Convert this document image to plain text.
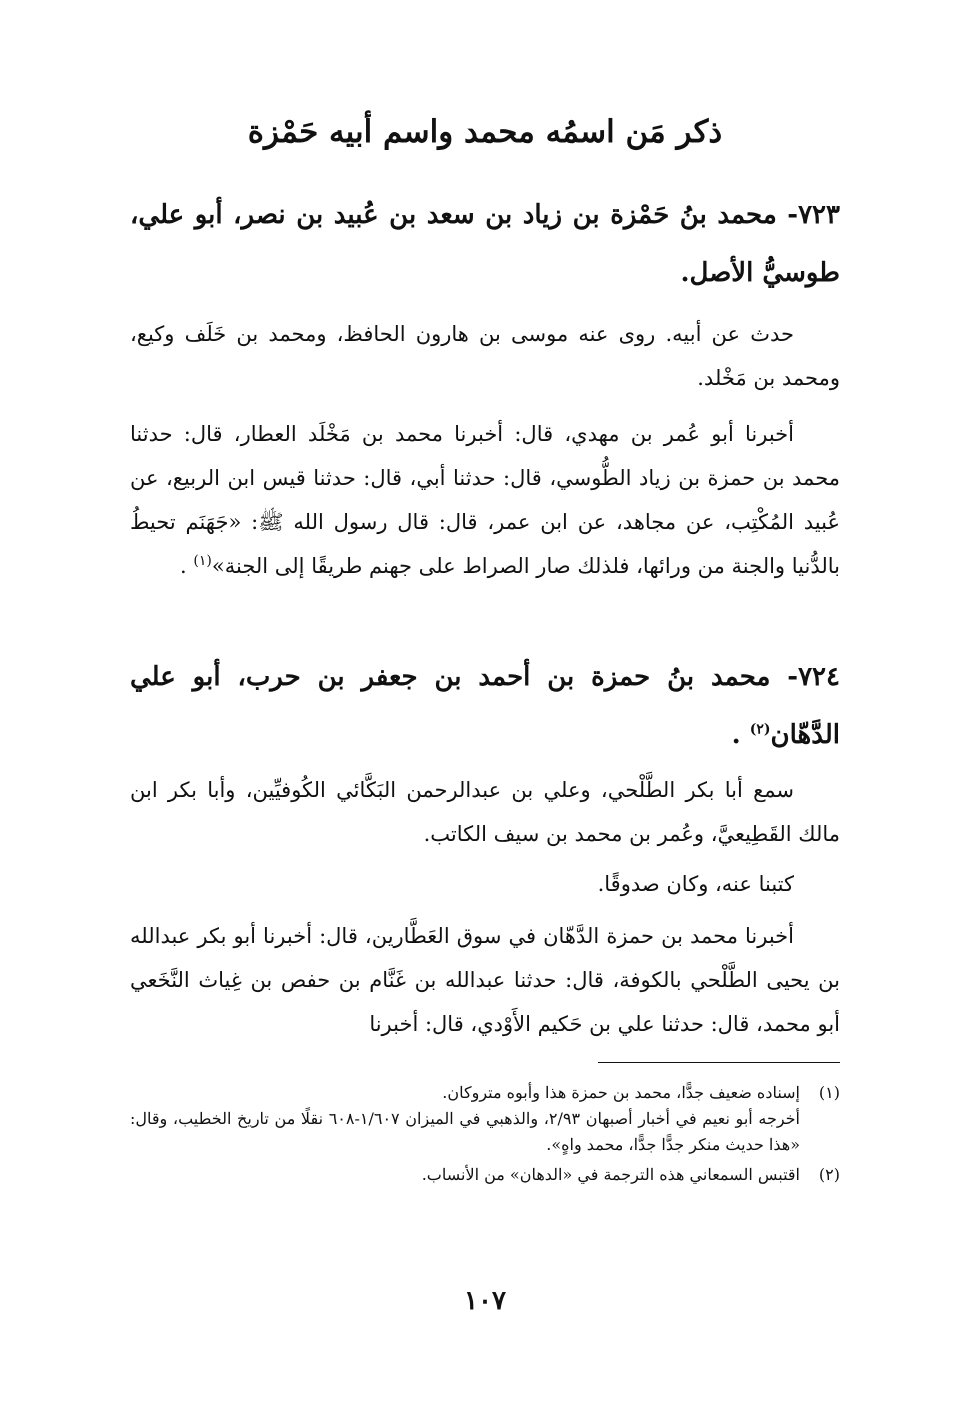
ذكر مَن اسمُه محمد واسم أبيه حَمْزة

٧٢٣- محمد بنُ حَمْزة بن زياد بن سعد بن عُبيد بن نصر، أبو علي، طوسيُّ الأصل.

حدث عن أبيه. روى عنه موسى بن هارون الحافظ، ومحمد بن خَلَف وكيع، ومحمد بن مَخْلد.

أخبرنا أبو عُمر بن مهدي، قال: أخبرنا محمد بن مَخْلَد العطار، قال: حدثنا محمد بن حمزة بن زياد الطُّوسي، قال: حدثنا أبي، قال: حدثنا قيس ابن الربيع، عن عُبيد المُكْتِب، عن مجاهد، عن ابن عمر، قال: قال رسول الله ﷺ: «جَهَنَم تحيطُ بالدُّنيا والجنة من ورائها، فلذلك صار الصراط على جهنم طريقًا إلى الجنة»$^{(١)}$ .

٧٢٤- محمد بنُ حمزة بن أحمد بن جعفر بن حرب، أبو علي الدَّهّان$^{(٢)}$ .

سمع أبا بكر الطَّلْحي، وعلي بن عبدالرحمن البَكَّائي الكُوفيِّين، وأبا بكر ابن مالك القَطِيعيَّ، وعُمر بن محمد بن سيف الكاتب.

كتبنا عنه، وكان صدوقًا.

أخبرنا محمد بن حمزة الدَّهّان في سوق العَطَّارين، قال: أخبرنا أبو بكر عبدالله بن يحيى الطَّلْحي بالكوفة، قال: حدثنا عبدالله بن غَنَّام بن حفص بن غِياث النَّخَعي أبو محمد، قال: حدثنا علي بن حَكيم الأَوْدي، قال: أخبرنا

(١)إسناده ضعيف جدًّا، محمد بن حمزة هذا وأبوه متروكان.

أخرجه أبو نعيم في أخبار أصبهان ٢/٩٣، والذهبي في الميزان ١/٦٠٧-٦٠٨ نقلًا من تاريخ الخطيب، وقال: «هذا حديث منكر جدًّا جدًّا، محمد واهٍ».

(٢)اقتبس السمعاني هذه الترجمة في «الدهان» من الأنساب.

١٠٧
